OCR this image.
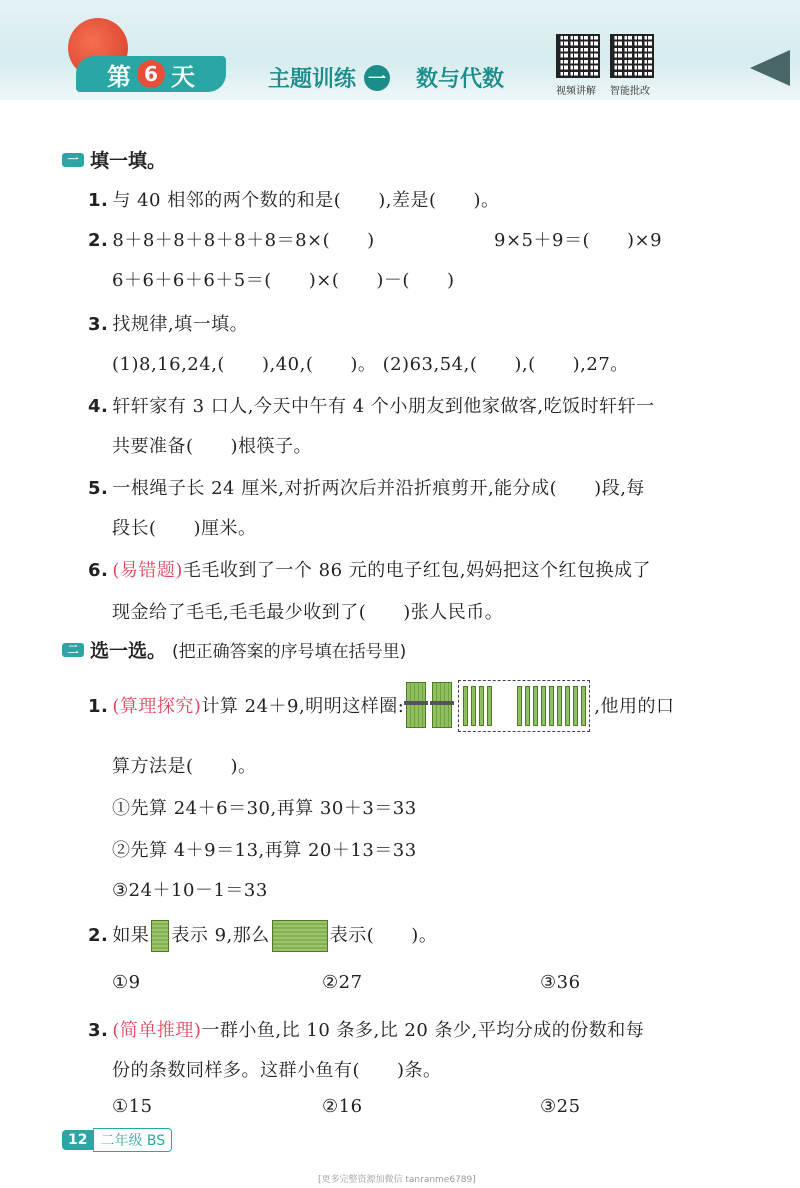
第 6 天	主题训练 一 数与代数	视频讲解 智能批改
一 填一填。
1. 与 40 相邻的两个数的和是(　　),差是(　　)。
2. 8＋8＋8＋8＋8＋8＝8×(　　)	9×5＋9＝(　　)×9
6＋6＋6＋6＋5＝(　　)×(　　)－(　　)
3. 找规律,填一填。
(1)8,16,24,(　　),40,(　　)。 (2)63,54,(　　),(　　),27。
4. 轩轩家有 3 口人,今天中午有 4 个小朋友到他家做客,吃饭时轩轩一
共要准备(　　)根筷子。
5. 一根绳子长 24 厘米,对折两次后并沿折痕剪开,能分成(　　)段,每
段长(　　)厘米。
6. (易错题)毛毛收到了一个 86 元的电子红包,妈妈把这个红包换成了
现金给了毛毛,毛毛最少收到了(　　)张人民币。
二 选一选。 (把正确答案的序号填在括号里)
1. (算理探究)计算 24＋9,明明这样圈:	,他用的口
算方法是(　　)。
①先算 24＋6＝30,再算 30＋3＝33
②先算 4＋9＝13,再算 20＋13＝33
③24＋10－1＝33
2. 如果 表示 9,那么	表示(　　)。
①9	②27	③36
3. (简单推理)一群小鱼,比 10 条多,比 20 条少,平均分成的份数和每
份的条数同样多。这群小鱼有(　　)条。
①15	②16	③25
12 二年级 BS
[更多完整资源加微信 tanranme6789]
